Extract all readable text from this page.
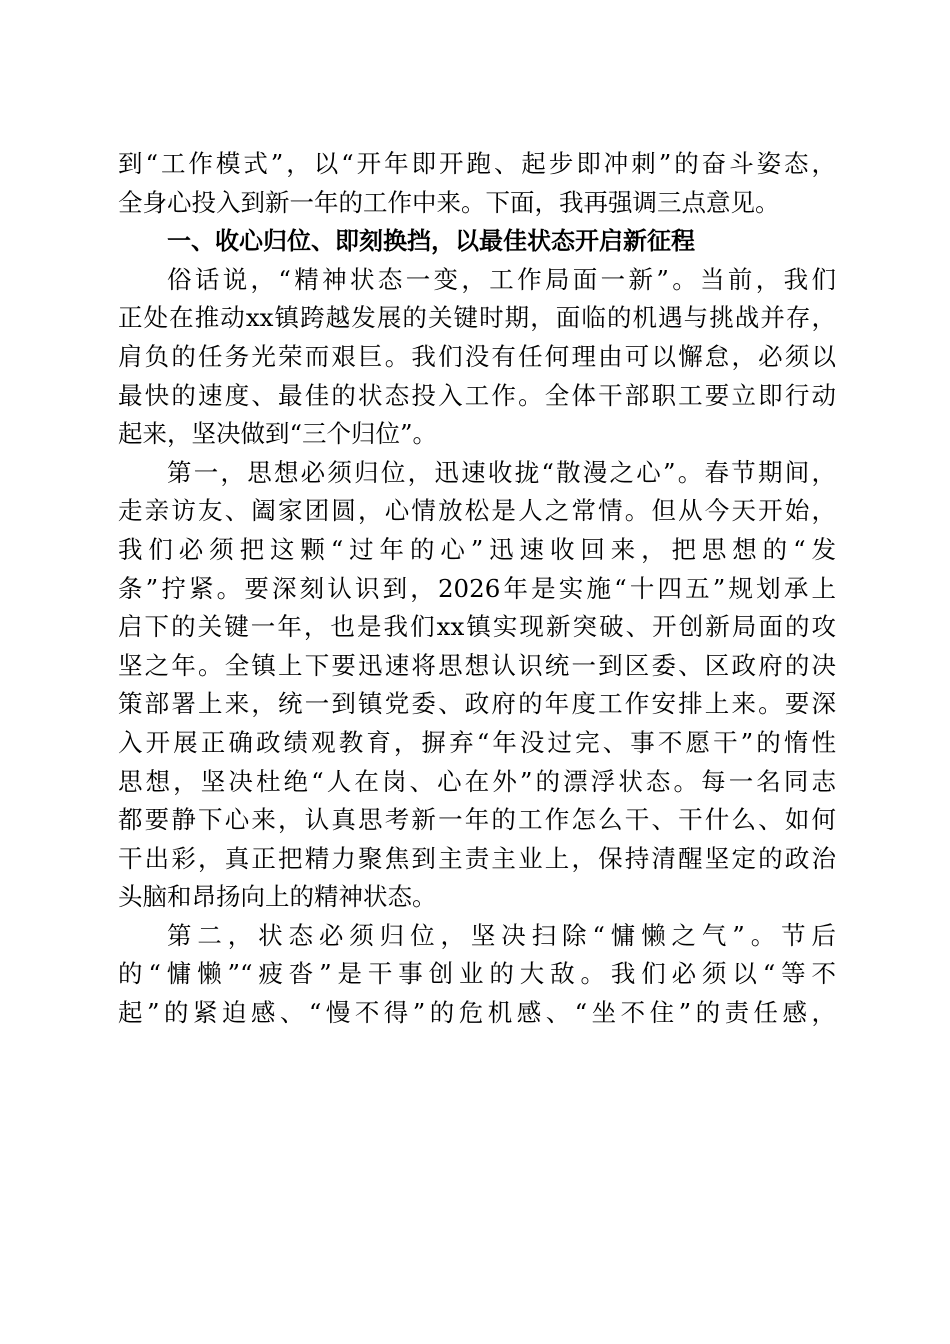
到“工作模式”，以“开年即开跑、起步即冲刺”的奋斗姿态，
全身心投入到新一年的工作中来。下面，我再强调三点意见。
一、收心归位、即刻换挡，以最佳状态开启新征程
俗话说，“精神状态一变，工作局面一新”。当前，我们
正处在推动xx镇跨越发展的关键时期，面临的机遇与挑战并存，
肩负的任务光荣而艰巨。我们没有任何理由可以懈怠，必须以
最快的速度、最佳的状态投入工作。全体干部职工要立即行动
起来，坚决做到“三个归位”。
第一，思想必须归位，迅速收拢“散漫之心”。春节期间，
走亲访友、阖家团圆，心情放松是人之常情。但从今天开始，
我们必须把这颗“过年的心”迅速收回来，把思想的“发
条”拧紧。要深刻认识到，2026年是实施“十四五”规划承上
启下的关键一年，也是我们xx镇实现新突破、开创新局面的攻
坚之年。全镇上下要迅速将思想认识统一到区委、区政府的决
策部署上来，统一到镇党委、政府的年度工作安排上来。要深
入开展正确政绩观教育，摒弃“年没过完、事不愿干”的惰性
思想，坚决杜绝“人在岗、心在外”的漂浮状态。每一名同志
都要静下心来，认真思考新一年的工作怎么干、干什么、如何
干出彩，真正把精力聚焦到主责主业上，保持清醒坚定的政治
头脑和昂扬向上的精神状态。
第二，状态必须归位，坚决扫除“慵懒之气”。节后
的“慵懒”“疲沓”是干事创业的大敌。我们必须以“等不
起”的紧迫感、“慢不得”的危机感、“坐不住”的责任感，
